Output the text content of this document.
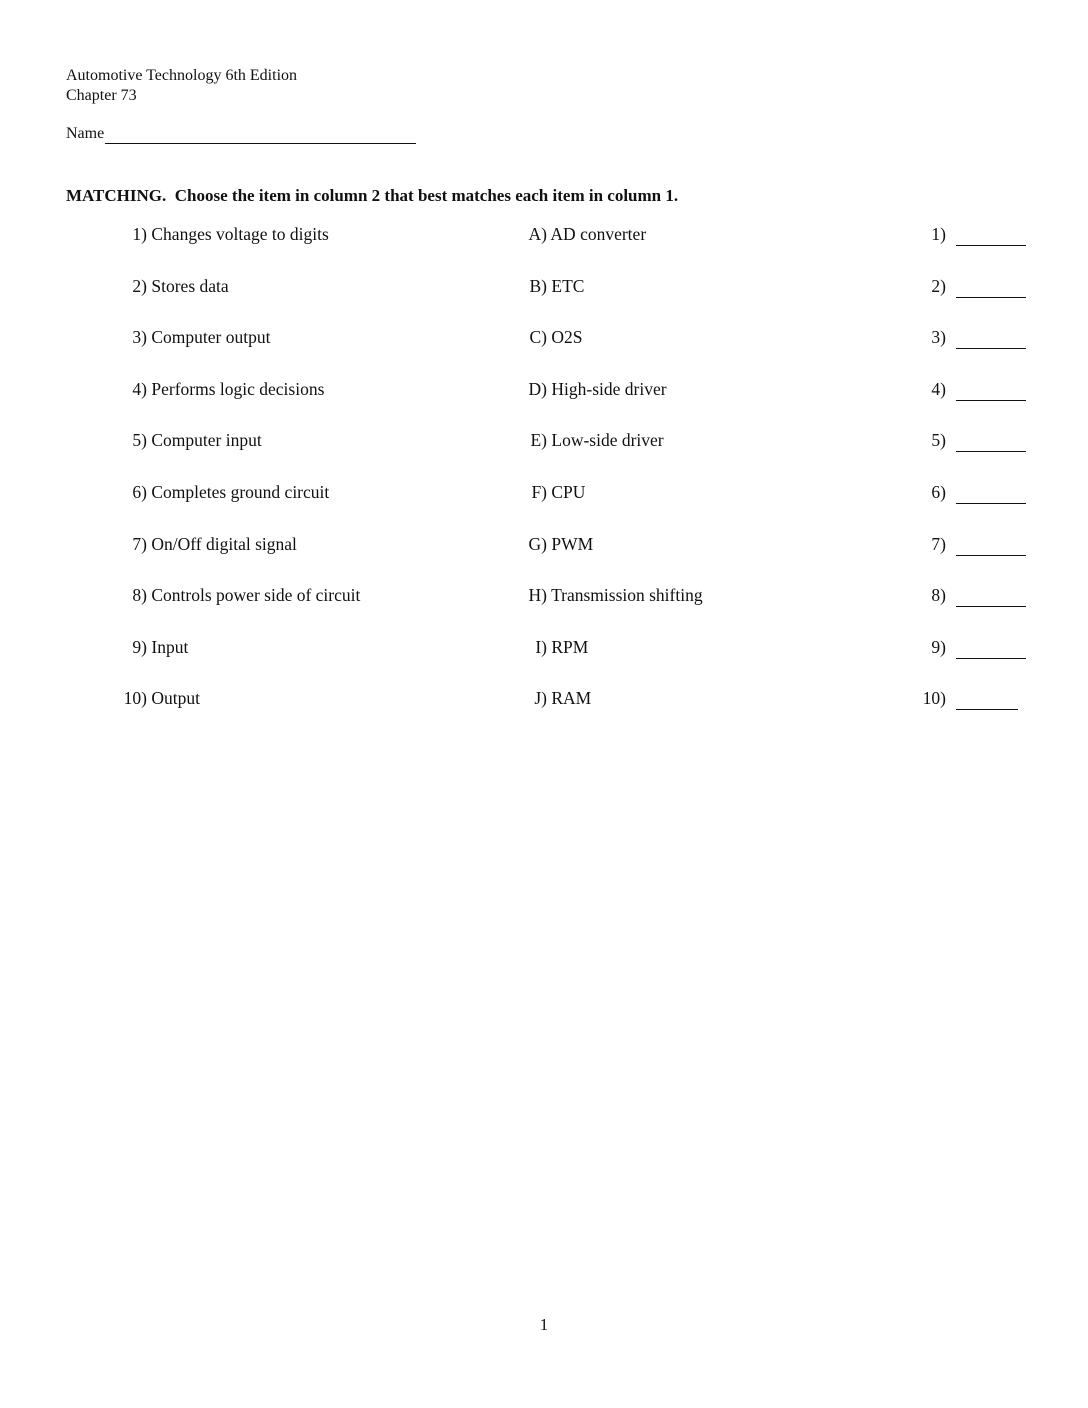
Automotive Technology 6th Edition
Chapter 73
Name
MATCHING.  Choose the item in column 2 that best matches each item in column 1.
1) Changes voltage to digits	A) AD converter	1)
2) Stores data	B) ETC	2)
3) Computer output	C) O2S	3)
4) Performs logic decisions	D) High-side driver	4)
5) Computer input	E) Low-side driver	5)
6) Completes ground circuit	F) CPU	6)
7) On/Off digital signal	G) PWM	7)
8) Controls power side of circuit	H) Transmission shifting	8)
9) Input	I) RPM	9)
10) Output	J) RAM	10)
1
